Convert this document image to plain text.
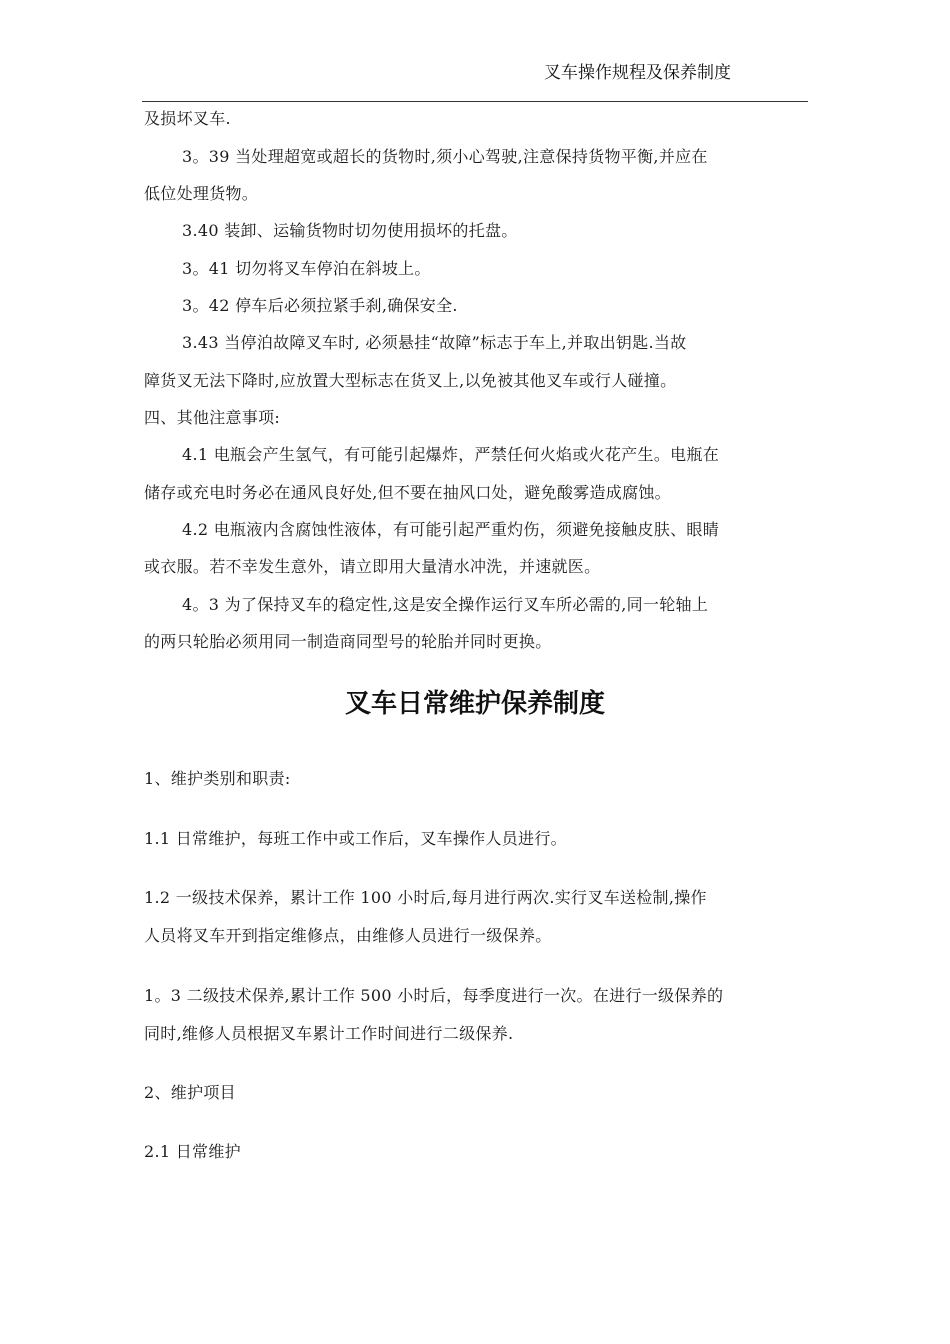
叉车操作规程及保养制度
及损坏叉车.
3。39 当处理超宽或超长的货物时,须小心驾驶,注意保持货物平衡,并应在
低位处理货物。
3.40 装卸、运输货物时切勿使用损坏的托盘。
3。41 切勿将叉车停泊在斜坡上。
3。42 停车后必须拉紧手刹,确保安全.
3.43 当停泊故障叉车时, 必须悬挂“故障”标志于车上,并取出钥匙.当故
障货叉无法下降时,应放置大型标志在货叉上,以免被其他叉车或行人碰撞。
四、其他注意事项:
4.1 电瓶会产生氢气，有可能引起爆炸，严禁任何火焰或火花产生。电瓶在
储存或充电时务必在通风良好处,但不要在抽风口处，避免酸雾造成腐蚀。
4.2 电瓶液内含腐蚀性液体，有可能引起严重灼伤，须避免接触皮肤、眼睛
或衣服。若不幸发生意外，请立即用大量清水冲洗，并速就医。
4。3 为了保持叉车的稳定性,这是安全操作运行叉车所必需的,同一轮轴上
的两只轮胎必须用同一制造商同型号的轮胎并同时更换。
叉车日常维护保养制度
1、维护类别和职责:
1.1 日常维护，每班工作中或工作后，叉车操作人员进行。
1.2 一级技术保养，累计工作 100 小时后,每月进行两次.实行叉车送检制,操作
人员将叉车开到指定维修点，由维修人员进行一级保养。
1。3 二级技术保养,累计工作 500 小时后，每季度进行一次。在进行一级保养的
同时,维修人员根据叉车累计工作时间进行二级保养.
2、维护项目
2.1 日常维护
